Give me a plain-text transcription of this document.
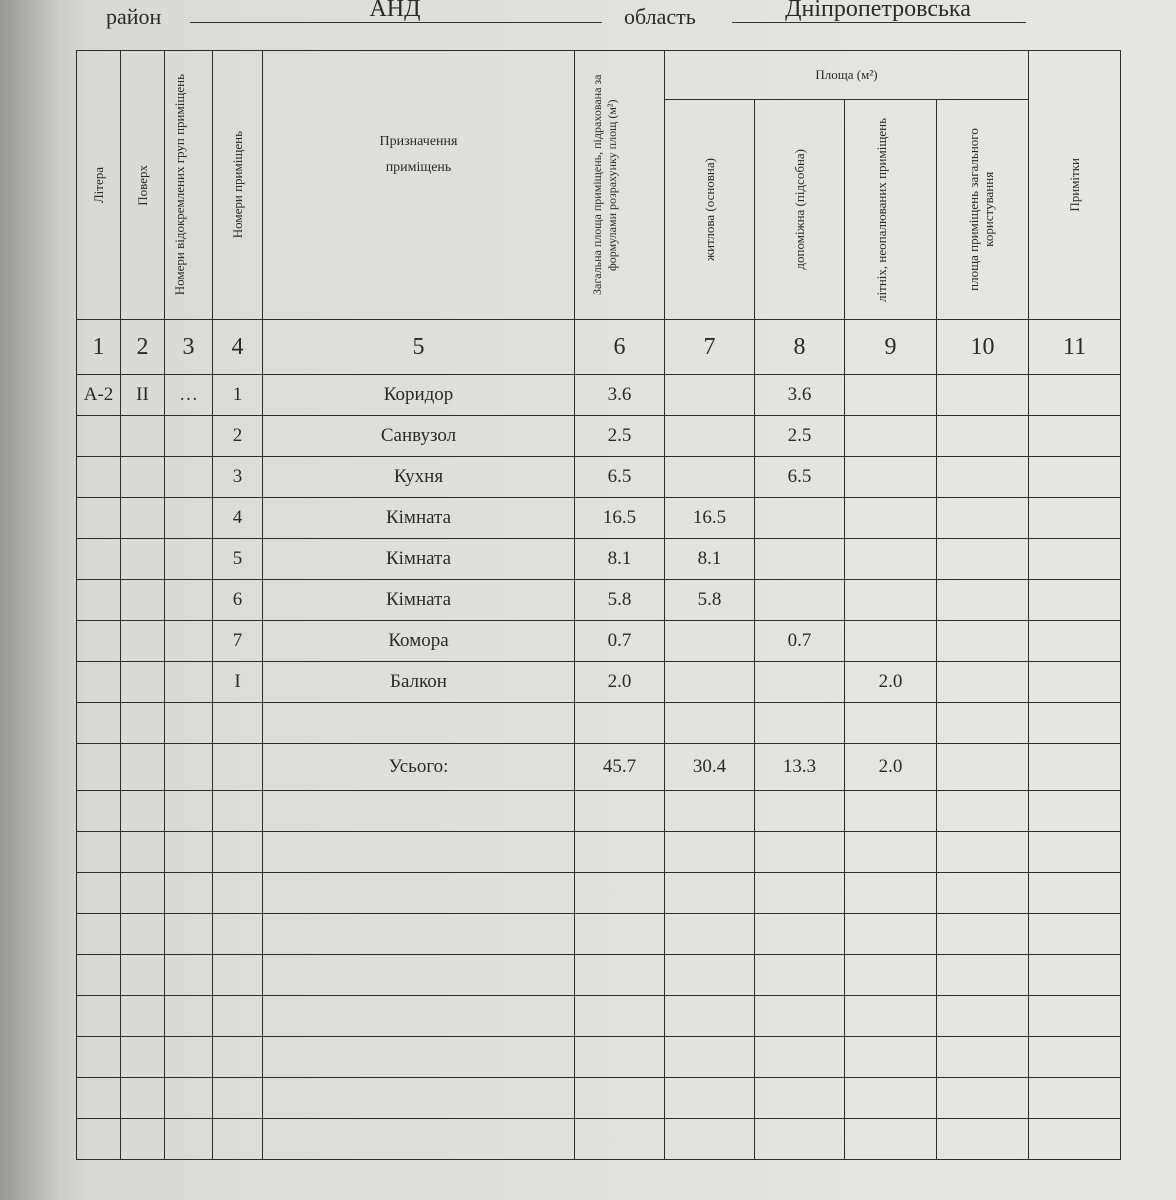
район	АНД	область	Дніпропетровська
Літера	Поверх	Номери відокремлених груп приміщень	Номери приміщень	Призначення приміщень	Загальна площа приміщень, підрахована за формулами розрахунку площ (м²)	Площа (м²)				Примітки

						житлова (основна)	допоміжна (підсобна)	літніх, неопалюваних приміщень	площа приміщень загального користування	

1	2	3	4	5	6	7	8	9	10	11
А-2	ІІ	…	1	Коридор	3.6		3.6			
			2	Санвузол	2.5		2.5			
			3	Кухня	6.5		6.5			
			4	Кімната	16.5	16.5				
			5	Кімната	8.1	8.1				
			6	Кімната	5.8	5.8				
			7	Комора	0.7		0.7			
			I	Балкон	2.0			2.0		

				Усього:	45.7	30.4	13.3	2.0		
